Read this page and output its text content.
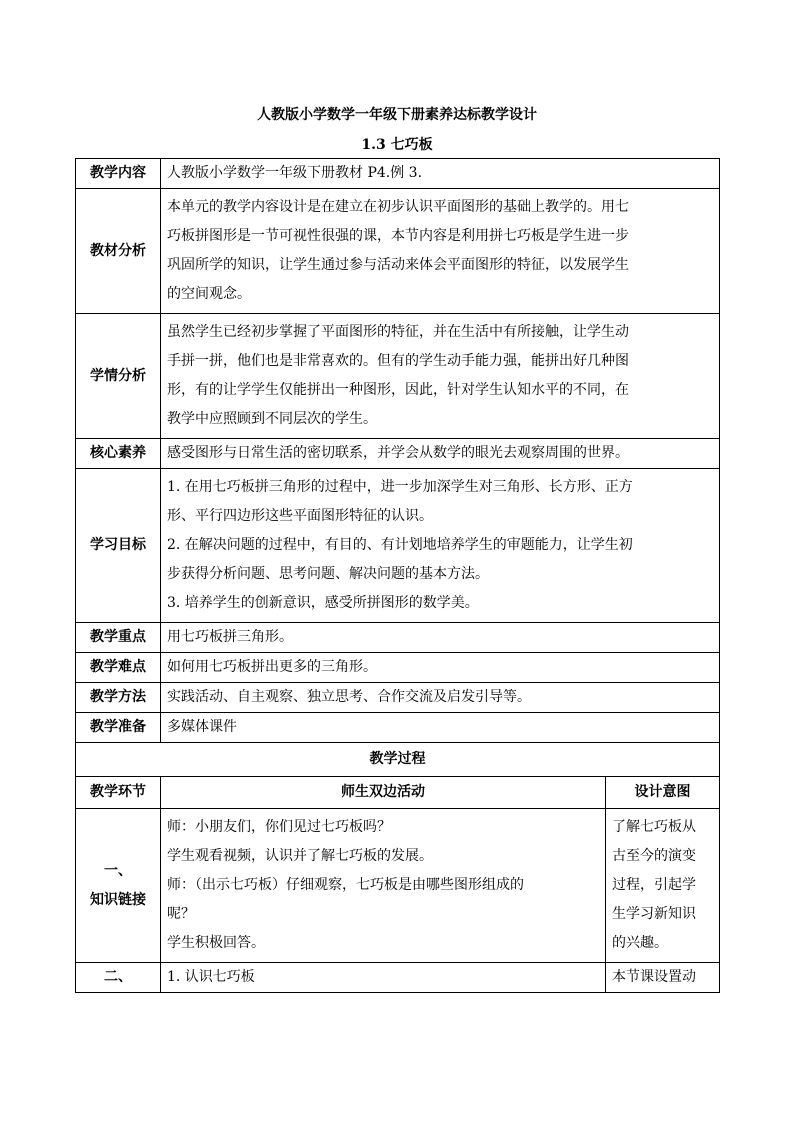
人教版小学数学一年级下册素养达标教学设计
1.3 七巧板
教学内容	人教版小学数学一年级下册教材 P4.例 3.	
教材分析	本单元的教学内容设计是在建立在初步认识平面图形的基础上教学的。用七
巧板拼图形是一节可视性很强的课，本节内容是利用拼七巧板是学生进一步
巩固所学的知识，让学生通过参与活动来体会平面图形的特征，以发展学生
的空间观念。	

学情分析	虽然学生已经初步掌握了平面图形的特征，并在生活中有所接触，让学生动
手拼一拼，他们也是非常喜欢的。但有的学生动手能力强，能拼出好几种图
形，有的让学学生仅能拼出一种图形，因此，针对学生认知水平的不同，在
教学中应照顾到不同层次的学生。	

核心素养	感受图形与日常生活的密切联系，并学会从数学的眼光去观察周围的世界。	
学习目标	1. 在用七巧板拼三角形的过程中，进一步加深学生对三角形、长方形、正方
形、平行四边形这些平面图形特征的认识。
2. 在解决问题的过程中，有目的、有计划地培养学生的审题能力，让学生初
步获得分析问题、思考问题、解决问题的基本方法。
3. 培养学生的创新意识，感受所拼图形的数学美。	

教学重点	用七巧板拼三角形。	
教学难点	如何用七巧板拼出更多的三角形。	
教学方法	实践活动、自主观察、独立思考、合作交流及启发引导等。	
教学准备	多媒体课件	
教学过程		
教学环节	师生双边活动	设计意图

一、
知识链接	师：小朋友们，你们见过七巧板吗？
学生观看视频，认识并了解七巧板的发展。
师：（出示七巧板）仔细观察，七巧板是由哪些图形组成的
呢？
学生积极回答。	了解七巧板从
古至今的演变
过程，引起学
生学习新知识
的兴趣。

二、	1. 认识七巧板	本节课设置动
